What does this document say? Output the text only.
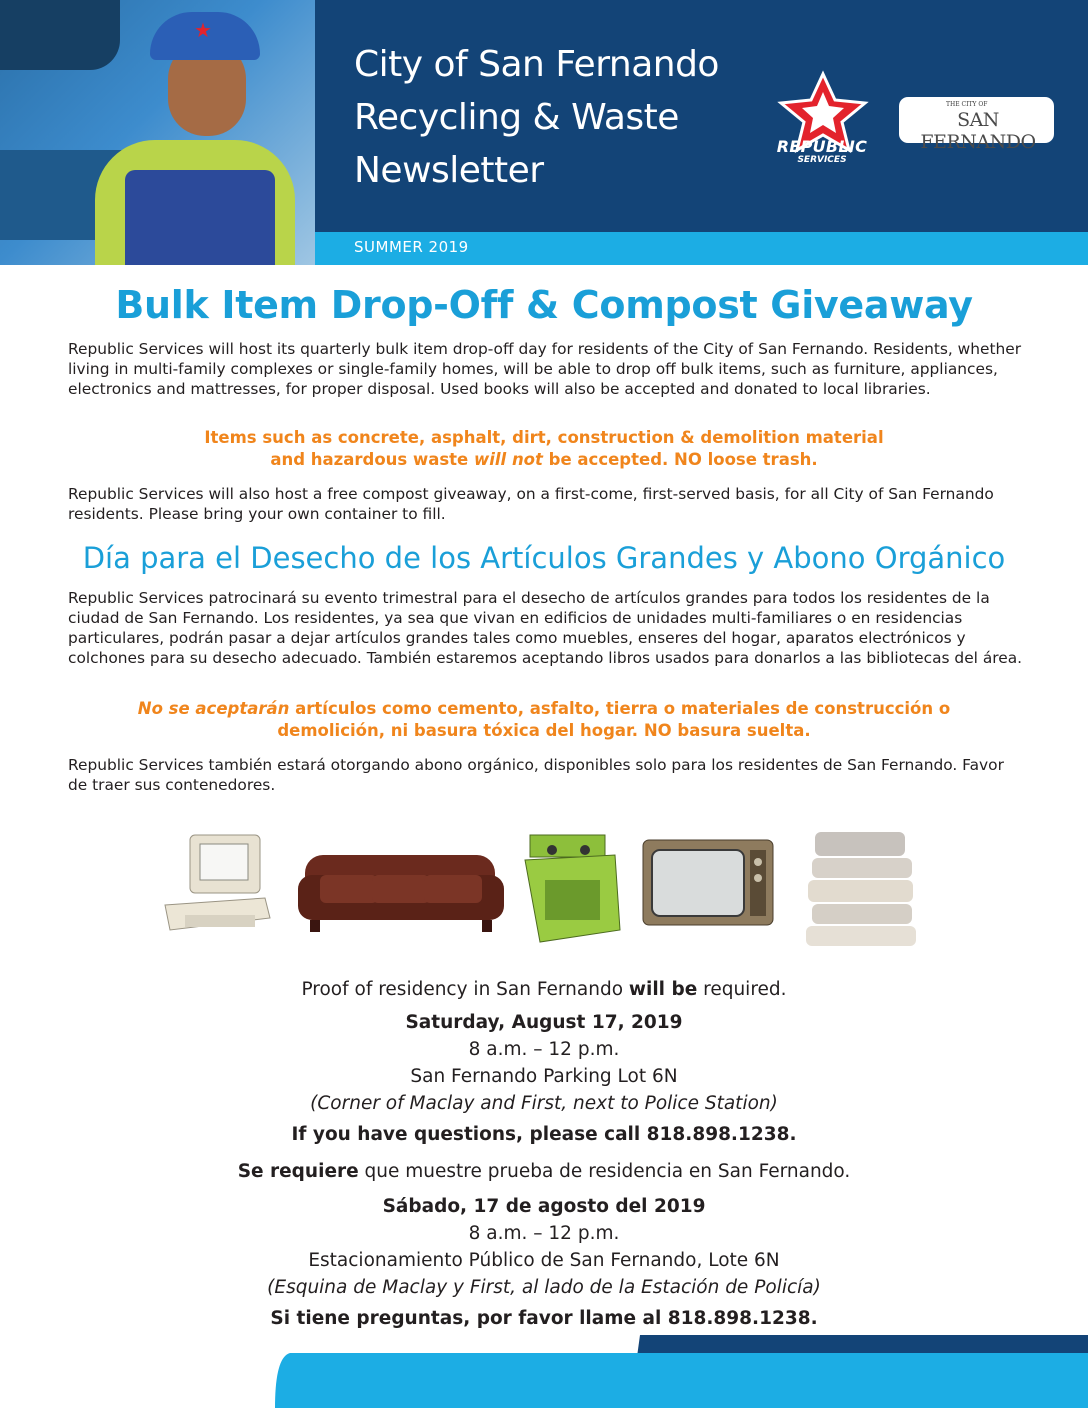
★
City of San Fernando
Recycling & Waste
Newsletter
REPUBLIC
SERVICES
THE CITY OF
SAN FERNANDO
SUMMER 2019
Bulk Item Drop-Off & Compost Giveaway

Republic Services will host its quarterly bulk item drop-off day for residents of the City of San Fernando. Residents, whether living in multi-family complexes or single-family homes, will be able to drop off bulk items, such as furniture, appliances, electronics and mattresses, for proper disposal. Used books will also be accepted and donated to local libraries.

Items such as concrete, asphalt, dirt, construction & demolition material
and hazardous waste will not be accepted. NO loose trash.

Republic Services will also host a free compost giveaway, on a first-come, first-served basis, for all City of San Fernando residents. Please bring your own container to fill.

Día para el Desecho de los Artículos Grandes y Abono Orgánico

Republic Services patrocinará su evento trimestral para el desecho de artículos grandes para todos los residentes de la ciudad de San Fernando. Los residentes, ya sea que vivan en edificios de unidades multi-familiares o en residencias particulares, podrán pasar a dejar artículos grandes tales como muebles, enseres del hogar, aparatos electrónicos y colchones para su desecho adecuado. También estaremos aceptando libros usados para donarlos a las bibliotecas del área.

No se aceptarán artículos como cemento, asfalto, tierra o materiales de construcción o
demolición, ni basura tóxica del hogar. NO basura suelta.

Republic Services también estará otorgando abono orgánico, disponibles solo para los residentes de San Fernando. Favor de traer sus contenedores.

Proof of residency in San Fernando will be required.
Saturday, August 17, 2019
8 a.m. – 12 p.m.
San Fernando Parking Lot 6N
(Corner of Maclay and First, next to Police Station)
If you have questions, please call 818.898.1238.
Se requiere que muestre prueba de residencia en San Fernando.
Sábado, 17 de agosto del 2019
8 a.m. – 12 p.m.
Estacionamiento Público de San Fernando, Lote 6N
(Esquina de Maclay y First, al lado de la Estación de Policía)
Si tiene preguntas, por favor llame al 818.898.1238.
